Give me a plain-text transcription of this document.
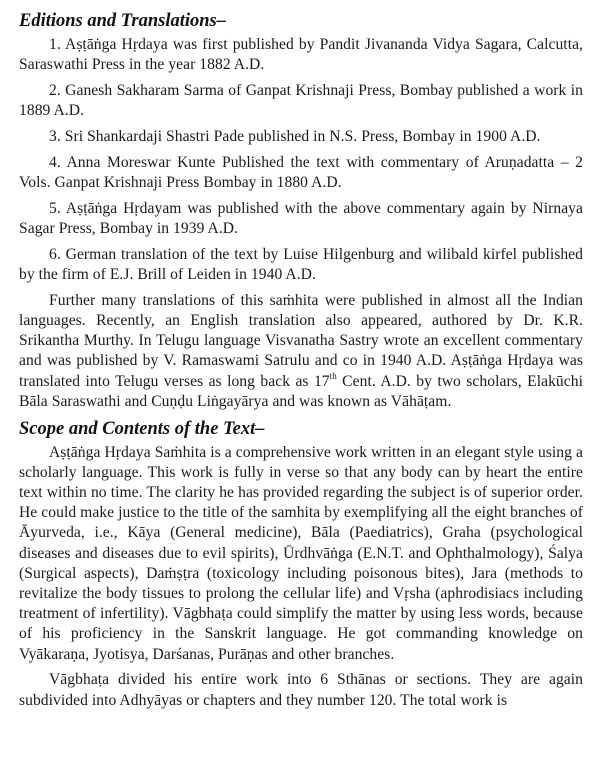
Editions and Translations–

1. Aṣṭāṅga Hṛdaya was first published by Pandit Jivananda Vidya Sagara, Calcutta, Saraswathi Press in the year 1882 A.D.

2. Ganesh Sakharam Sarma of Ganpat Krishnaji Press, Bombay published a work in 1889 A.D.

3. Sri Shankardaji Shastri Pade published in N.S. Press, Bombay in 1900 A.D.

4. Anna Moreswar Kunte Published the text with commentary of Aruṇadatta – 2 Vols. Ganpat Krishnaji Press Bombay in 1880 A.D.

5. Aṣṭāṅga Hṛdayam was published with the above commentary again by Nirnaya Sagar Press, Bombay in 1939 A.D.

6. German translation of the text by Luise Hilgenburg and wilibald kirfel published by the firm of E.J. Brill of Leiden in 1940 A.D.

Further many translations of this saṁhita were published in almost all the Indian languages. Recently, an English translation also appeared, authored by Dr. K.R. Srikantha Murthy. In Telugu language Visvanatha Sastry wrote an excellent commentary and was published by V. Ramaswami Satrulu and co in 1940 A.D. Aṣṭāṅga Hṛdaya was translated into Telugu verses as long back as 17th Cent. A.D. by two scholars, Elakūchi Bāla Saraswathi and Cuṇḍu Liṅgayārya and was known as Vāhāṭam.

Scope and Contents of the Text–

Aṣṭāṅga Hṛdaya Saṁhita is a comprehensive work written in an elegant style using a scholarly language. This work is fully in verse so that any body can by heart the entire text within no time. The clarity he has provided regarding the subject is of superior order. He could make justice to the title of the samhita by exemplifying all the eight branches of Āyurveda, i.e., Kāya (General medicine), Bāla (Paediatrics), Graha (psychological diseases and diseases due to evil spirits), Ūrdhvāṅga (E.N.T. and Ophthalmology), Śalya (Surgical aspects), Daṁṣṭra (toxicology including poisonous bites), Jara (methods to revitalize the body tissues to prolong the cellular life) and Vṛsha (aphrodisiacs including treatment of infertility). Vāgbhaṭa could simplify the matter by using less words, because of his proficiency in the Sanskrit language. He got commanding knowledge on Vyākaraṇa, Jyotisya, Darśanas, Purāṇas and other branches.

Vāgbhaṭa divided his entire work into 6 Sthānas or sections. They are again subdivided into Adhyāyas or chapters and they number 120. The total work is
